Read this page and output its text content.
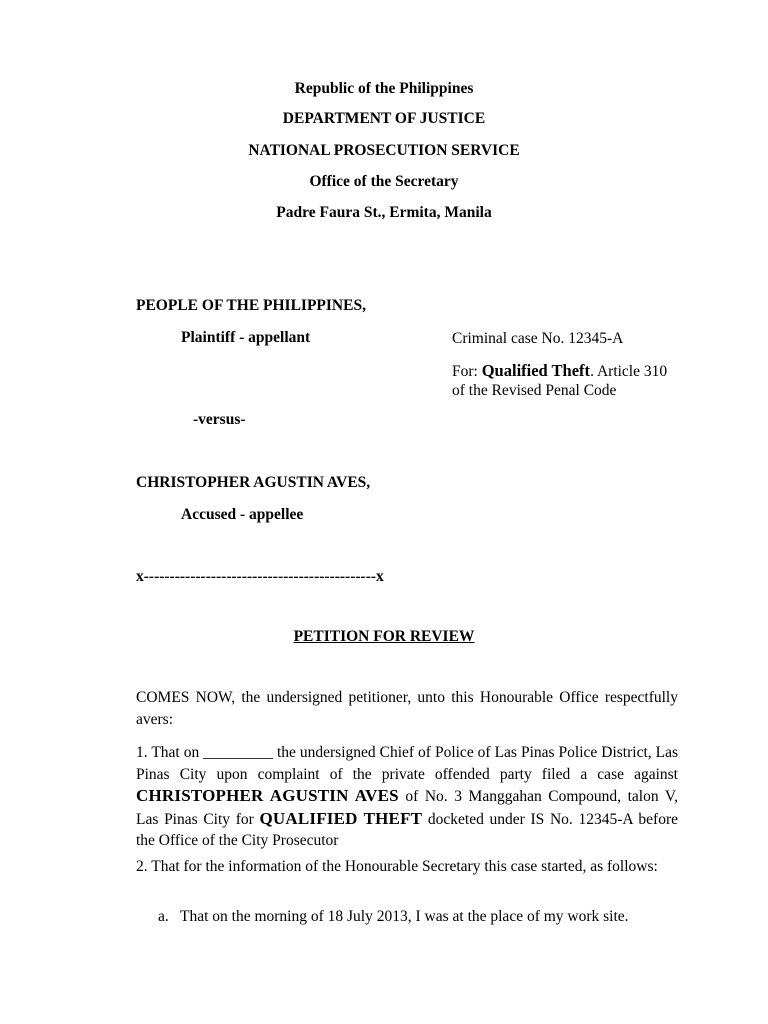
Republic of the Philippines

DEPARTMENT OF JUSTICE

NATIONAL PROSECUTION SERVICE

Office of the Secretary

Padre Faura St., Ermita, Manila

PEOPLE OF THE PHILIPPINES,

Plaintiff - appellant	Criminal case No. 12345-A

For: Qualified Theft. Article 310 of the Revised Penal Code

-versus-

CHRISTOPHER AGUSTIN AVES,

Accused - appellee

x---------------------------------------------x

PETITION FOR REVIEW

COMES NOW, the undersigned petitioner, unto this Honourable Office respectfully avers:

1. That on _________ the undersigned Chief of Police of Las Pinas Police District, Las Pinas City upon complaint of the private offended party filed a case against CHRISTOPHER AGUSTIN AVES of No. 3 Manggahan Compound, talon V, Las Pinas City for QUALIFIED THEFT docketed under IS No. 12345-A before the Office of the City Prosecutor

2. That for the information of the Honourable Secretary this case started, as follows:

a. That on the morning of 18 July 2013, I was at the place of my work site.
